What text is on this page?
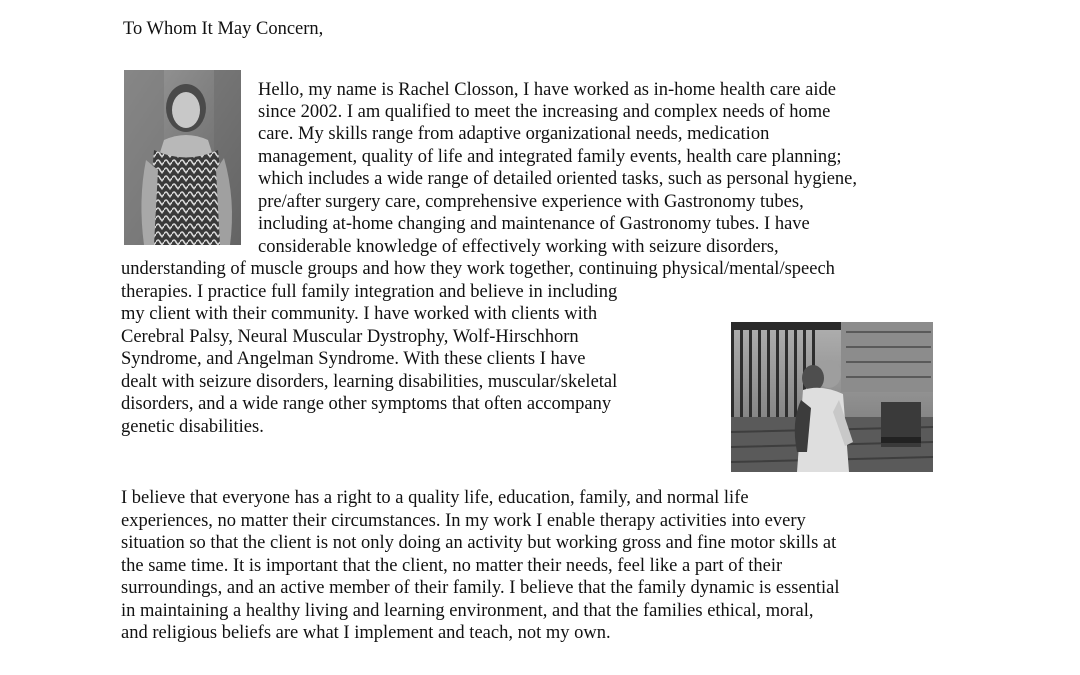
To Whom It May Concern,
Hello, my name is Rachel Closson, I have worked as in-home health care aide
since 2002. I am qualified to meet the increasing and complex needs of home
care. My skills range from adaptive organizational needs, medication
management, quality of life and integrated family events, health care planning;
which includes a wide range of detailed oriented tasks, such as personal hygiene,
pre/after surgery care, comprehensive experience with Gastronomy tubes,
including at-home changing and maintenance of Gastronomy tubes. I have
considerable knowledge of effectively working with seizure disorders,
understanding of muscle groups and how they work together, continuing physical/mental/speech
therapies. I practice full family integration and believe in including
my client with their community. I have worked with clients with
Cerebral Palsy, Neural Muscular Dystrophy, Wolf-Hirschhorn
Syndrome, and Angelman Syndrome. With these clients I have
dealt with seizure disorders, learning disabilities, muscular/skeletal
disorders, and a wide range other symptoms that often accompany
genetic disabilities.
I believe that everyone has a right to a quality life, education, family, and normal life
experiences, no matter their circumstances. In my work I enable therapy activities into every
situation so that the client is not only doing an activity but working gross and fine motor skills at
the same time. It is important that the client, no matter their needs, feel like a part of their
surroundings, and an active member of their family. I believe that the family dynamic is essential
in maintaining a healthy living and learning environment, and that the families ethical, moral,
and religious beliefs are what I implement and teach, not my own.
